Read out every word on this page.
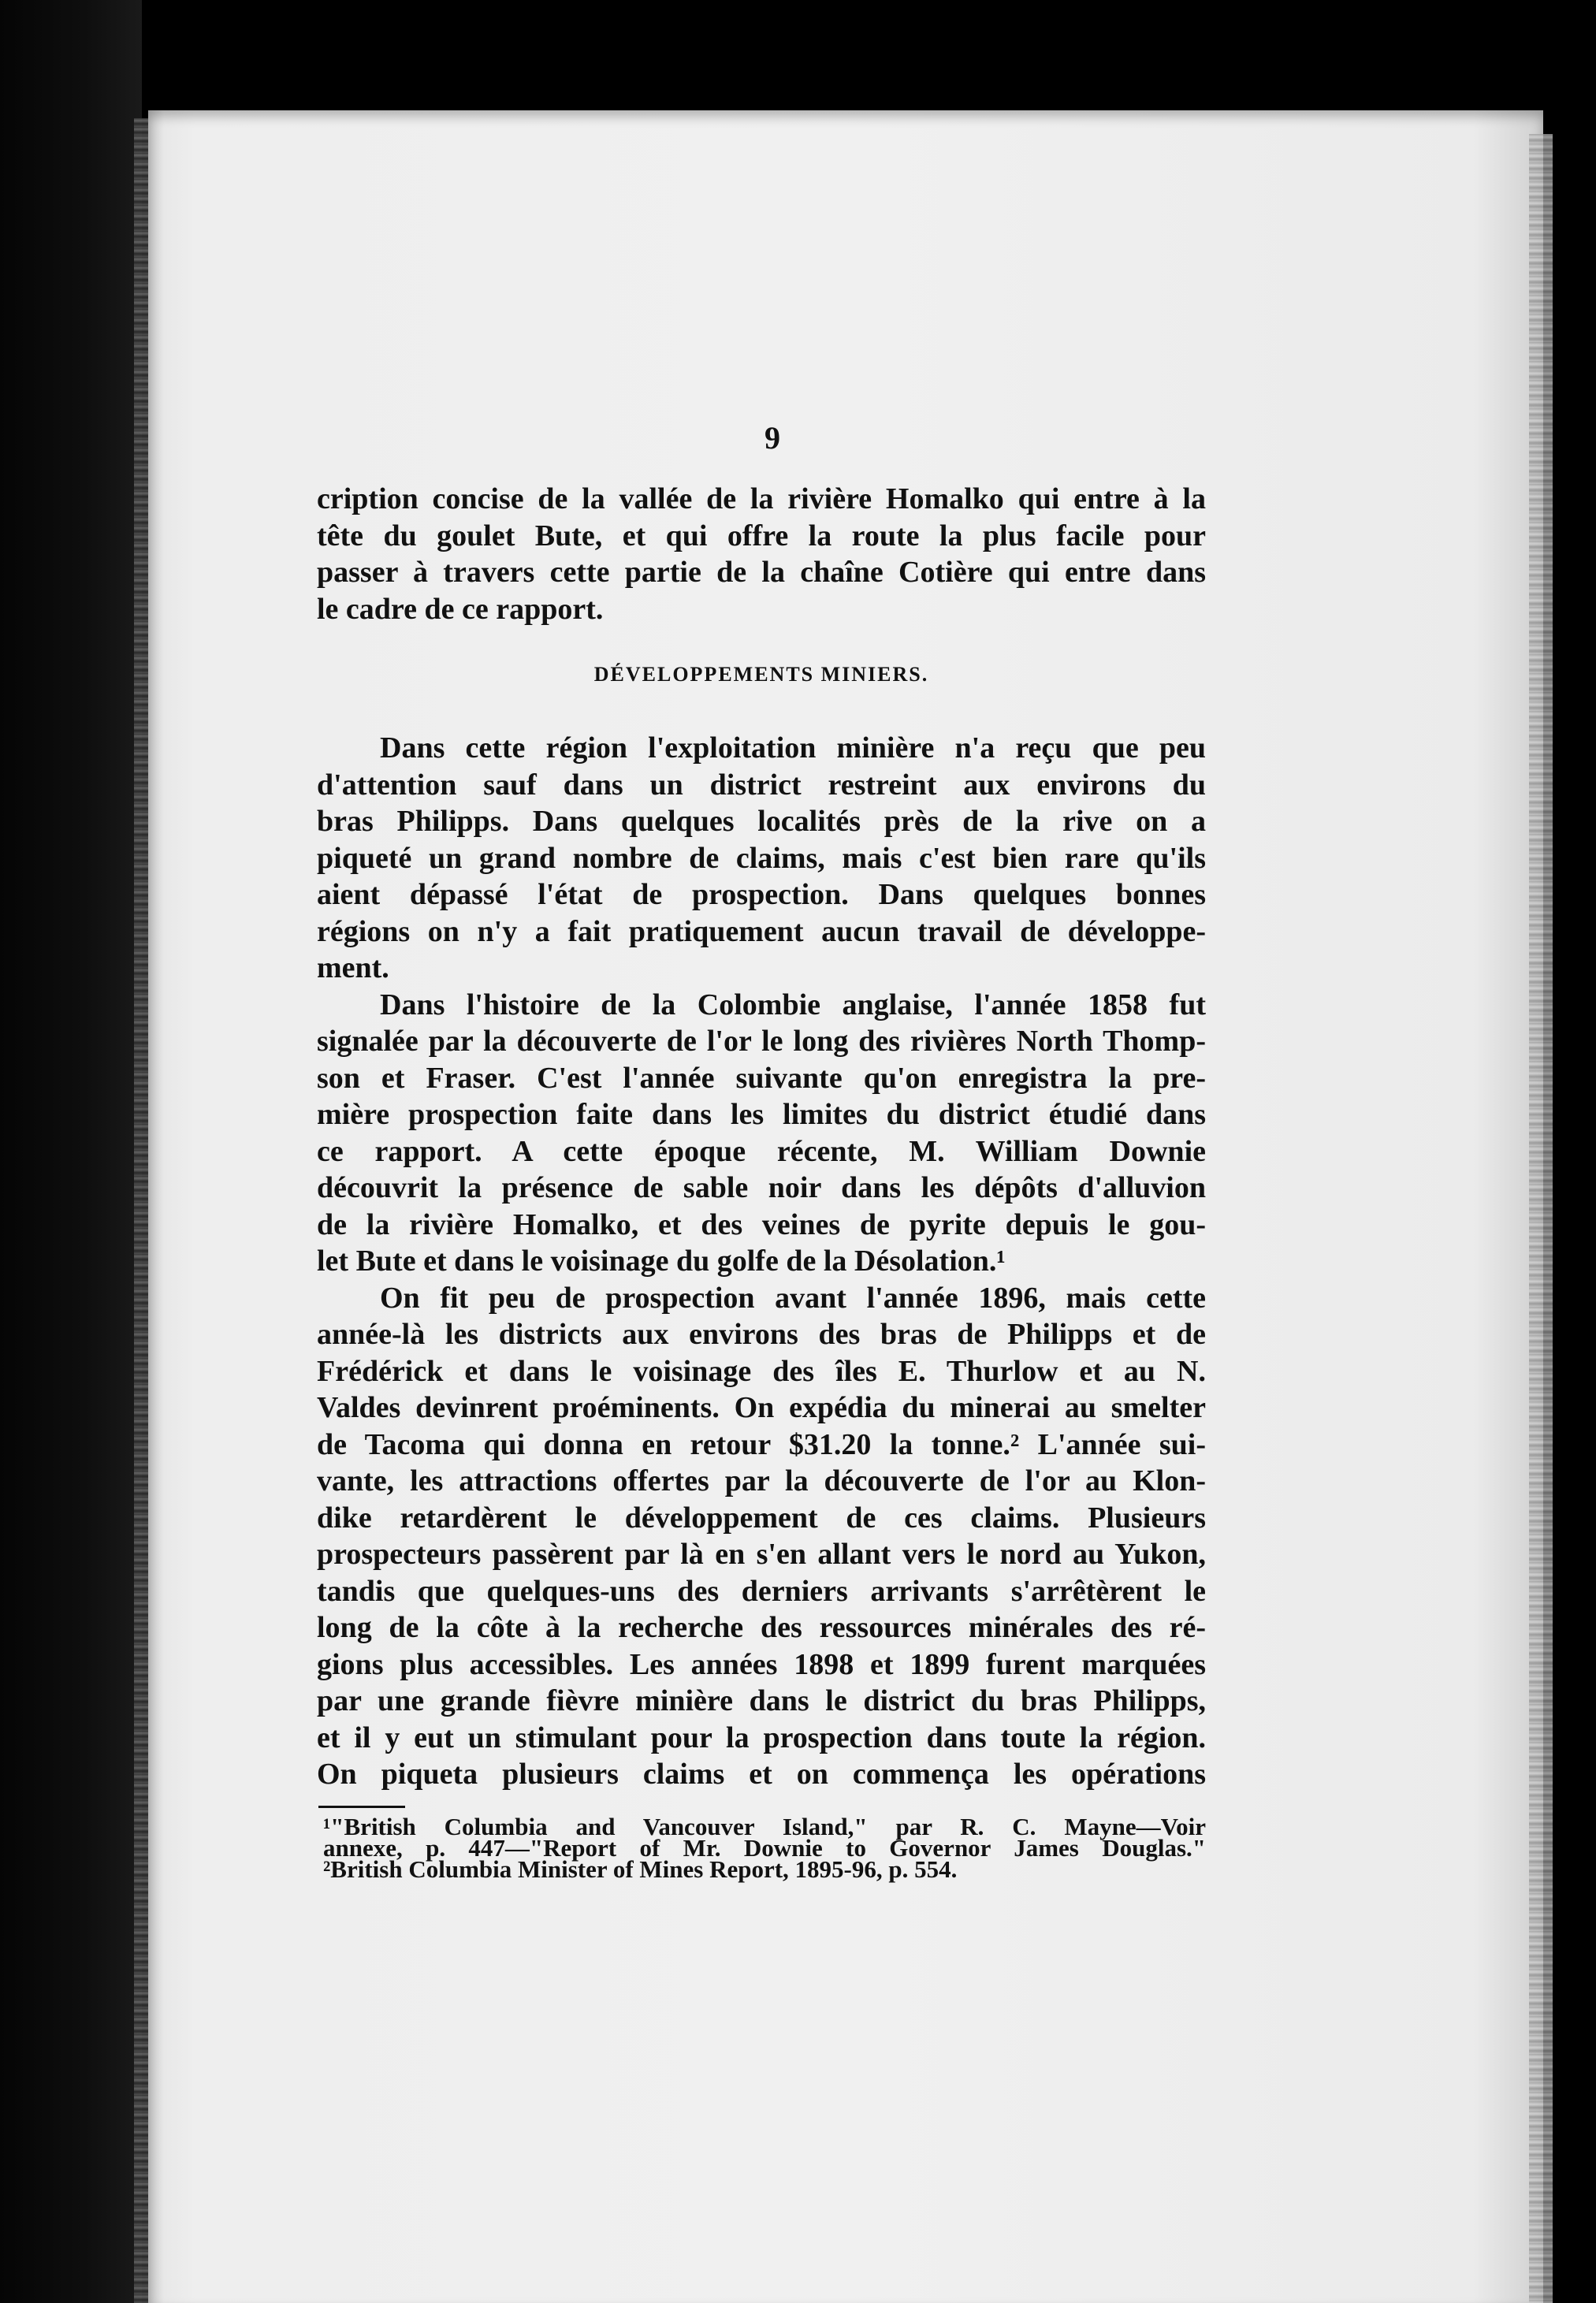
9
cription concise de la vallée de la rivière Homalko qui entre à la
tête du goulet Bute, et qui offre la route la plus facile pour
passer à travers cette partie de la chaîne Cotière qui entre dans
le cadre de ce rapport.
DÉVELOPPEMENTS MINIERS.
Dans cette région l'exploitation minière n'a reçu que peu
d'attention sauf dans un district restreint aux environs du
bras Philipps. Dans quelques localités près de la rive on a
piqueté un grand nombre de claims, mais c'est bien rare qu'ils
aient dépassé l'état de prospection. Dans quelques bonnes
régions on n'y a fait pratiquement aucun travail de développe-
ment.
Dans l'histoire de la Colombie anglaise, l'année 1858 fut
signalée par la découverte de l'or le long des rivières North Thomp-
son et Fraser. C'est l'année suivante qu'on enregistra la pre-
mière prospection faite dans les limites du district étudié dans
ce rapport. A cette époque récente, M. William Downie
découvrit la présence de sable noir dans les dépôts d'alluvion
de la rivière Homalko, et des veines de pyrite depuis le gou-
let Bute et dans le voisinage du golfe de la Désolation.¹
On fit peu de prospection avant l'année 1896, mais cette
année-là les districts aux environs des bras de Philipps et de
Frédérick et dans le voisinage des îles E. Thurlow et au N.
Valdes devinrent proéminents. On expédia du minerai au smelter
de Tacoma qui donna en retour $31.20 la tonne.² L'année sui-
vante, les attractions offertes par la découverte de l'or au Klon-
dike retardèrent le développement de ces claims. Plusieurs
prospecteurs passèrent par là en s'en allant vers le nord au Yukon,
tandis que quelques-uns des derniers arrivants s'arrêtèrent le
long de la côte à la recherche des ressources minérales des ré-
gions plus accessibles. Les années 1898 et 1899 furent marquées
par une grande fièvre minière dans le district du bras Philipps,
et il y eut un stimulant pour la prospection dans toute la région.
On piqueta plusieurs claims et on commença les opérations
¹"British Columbia and Vancouver Island," par R. C. Mayne—Voir
annexe, p. 447—"Report of Mr. Downie to Governor James Douglas."
²British Columbia Minister of Mines Report, 1895-96, p. 554.
